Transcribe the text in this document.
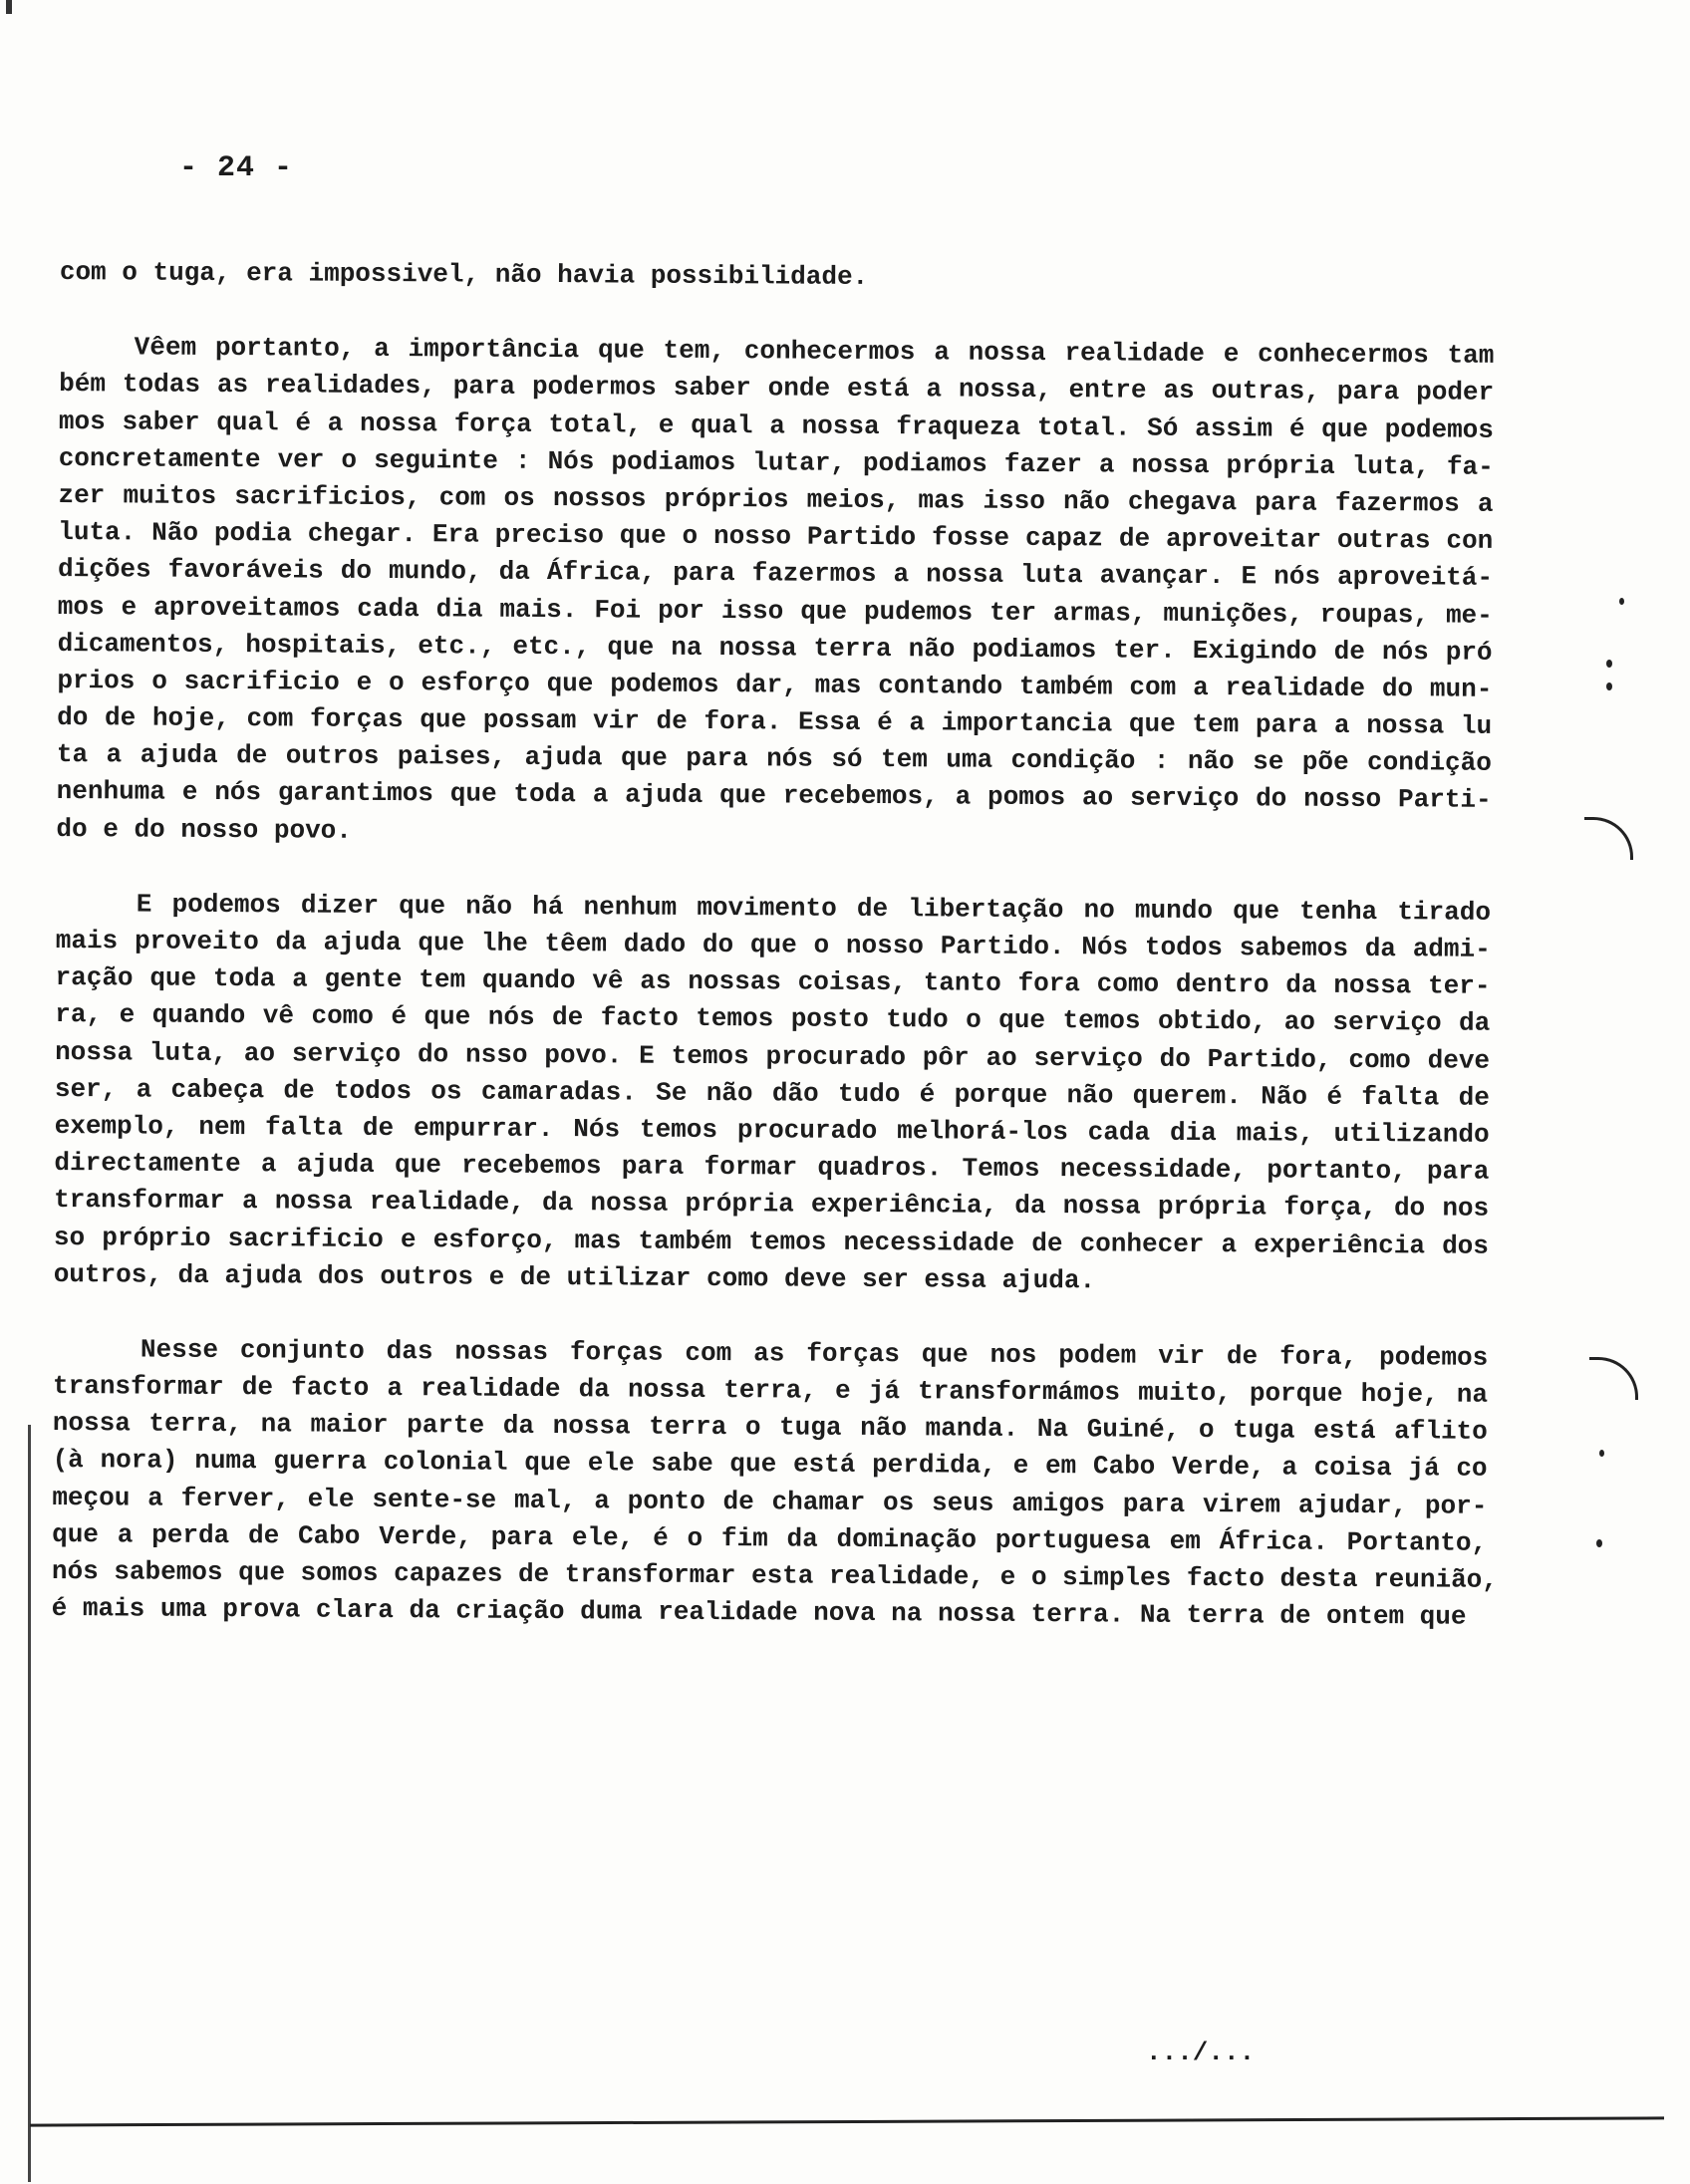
- 24 -
com o tuga, era impossivel, não havia possibilidade.
Vêem portanto, a importância que tem, conhecermos a nossa realidade e conhecermos tam
bém todas as realidades, para podermos saber onde está a nossa, entre as outras, para poder
mos saber qual é a nossa força total, e qual a nossa fraqueza total. Só assim é que podemos
concretamente ver o seguinte : Nós podiamos lutar, podiamos fazer a nossa própria luta, fa-
zer muitos sacrificios, com os nossos próprios meios, mas isso não chegava para fazermos a
luta. Não podia chegar. Era preciso que o nosso Partido fosse capaz de aproveitar outras con
dições favoráveis do mundo, da África, para fazermos a nossa luta avançar. E nós aproveitá-
mos e aproveitamos cada dia mais. Foi por isso que pudemos ter armas, munições, roupas, me-
dicamentos, hospitais, etc., etc., que na nossa terra não podiamos ter. Exigindo de nós pró
prios o sacrificio e o esforço que podemos dar, mas contando também com a realidade do mun-
do de hoje, com forças que possam vir de fora. Essa é a importancia que tem para a nossa lu
ta a ajuda de outros paises, ajuda que para nós só tem uma condição : não se põe condição
nenhuma e nós garantimos que toda a ajuda que recebemos, a pomos ao serviço do nosso Parti-
do e do nosso povo.
E podemos dizer que não há nenhum movimento de libertação no mundo que tenha tirado
mais proveito da ajuda que lhe têem dado do que o nosso Partido. Nós todos sabemos da admi-
ração que toda a gente tem quando vê as nossas coisas, tanto fora como dentro da nossa ter-
ra, e quando vê como é que nós de facto temos posto tudo o que temos obtido, ao serviço da
nossa luta, ao serviço do nsso povo. E temos procurado pôr ao serviço do Partido, como deve
ser, a cabeça de todos os camaradas. Se não dão tudo é porque não querem. Não é falta de
exemplo, nem falta de empurrar. Nós temos procurado melhorá-los cada dia mais, utilizando
directamente a ajuda que recebemos para formar quadros. Temos necessidade, portanto, para
transformar a nossa realidade, da nossa própria experiência, da nossa própria força, do nos
so próprio sacrificio e esforço, mas também temos necessidade de conhecer a experiência dos
outros, da ajuda dos outros e de utilizar como deve ser essa ajuda.
Nesse conjunto das nossas forças com as forças que nos podem vir de fora, podemos
transformar de facto a realidade da nossa terra, e já transformámos muito, porque hoje, na
nossa terra, na maior parte da nossa terra o tuga não manda. Na Guiné, o tuga está aflito
(à nora) numa guerra colonial que ele sabe que está perdida, e em Cabo Verde, a coisa já co
meçou a ferver, ele sente-se mal, a ponto de chamar os seus amigos para virem ajudar, por-
que a perda de Cabo Verde, para ele, é o fim da dominação portuguesa em África. Portanto,
nós sabemos que somos capazes de transformar esta realidade, e o simples facto desta reunião,
é mais uma prova clara da criação duma realidade nova na nossa terra. Na terra de ontem que
.../...
